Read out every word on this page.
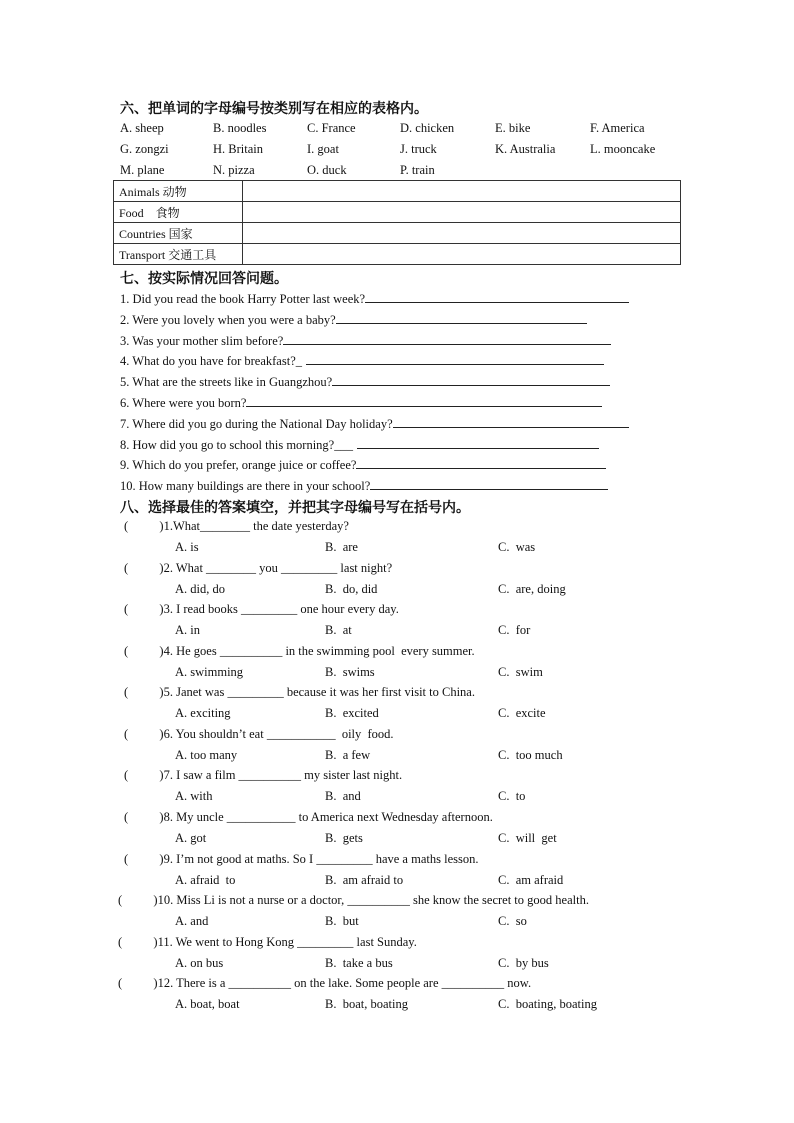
六、把单词的字母编号按类别写在相应的表格内。
A. sheep	B. noodles	C. France	D. chicken	E. bike	F. America
G. zongzi	H. Britain	I. goat	J. truck	K. Australia	L. mooncake
M. plane	N. pizza	O. duck	P. train
Animals 动物	
Food    食物	
Countries 国家	
Transport 交通工具	
七、按实际情况回答问题。
1. Did you read the book Harry Potter last week?
2. Were you lovely when you were a baby?
3. Was your mother slim before?
4. What do you have for breakfast?_
5. What are the streets like in Guangzhou?
6. Where were you born?
7. Where did you go during the National Day holiday?
8. How did you go to school this morning?___
9. Which do you prefer, orange juice or coffee?
10. How many buildings are there in your school?
八、选择最佳的答案填空，并把其字母编号写在括号内。
(          )1.What________ the date yesterday?
A. is	B.  are	C.  was
(          )2. What ________ you _________ last night?
A. did, do	B.  do, did	C.  are, doing
(          )3. I read books _________ one hour every day.
A. in	B.  at	C.  for
(          )4. He goes __________ in the swimming pool  every summer.
A. swimming	B.  swims	C.  swim
(          )5. Janet was _________ because it was her first visit to China.
A. exciting	B.  excited	C.  excite
(          )6. You shouldn’t eat ___________  oily  food.
A. too many	B.  a few	C.  too much
(          )7. I saw a film __________ my sister last night.
A. with	B.  and	C.  to
(          )8. My uncle ___________ to America next Wednesday afternoon.
A. got	B.  gets	C.  will  get
(          )9. I’m not good at maths. So I _________ have a maths lesson.
A. afraid  to	B.  am afraid to	C.  am afraid
(          )10. Miss Li is not a nurse or a doctor, __________ she know the secret to good health.
A. and	B.  but	C.  so
(          )11. We went to Hong Kong _________ last Sunday.
A. on bus	B.  take a bus	C.  by bus
(          )12. There is a __________ on the lake. Some people are __________ now.
A. boat, boat	B.  boat, boating	C.  boating, boating
